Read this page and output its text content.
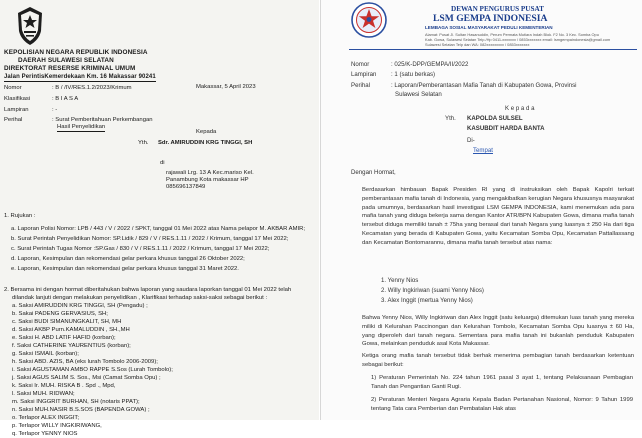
KEPOLISIAN NEGARA REPUBLIK INDONESIA
DAERAH SULAWESI SELATAN
DIREKTORAT RESERSE KRIMINAL UMUM
Jalan PerintisKemerdekaan Km. 16 Makassar 90241
Makassar, 5 April 2023
Nomor	: B / /IV/RES.1.2/2023/Krimum
Klasifikasi	: B I A S A
Lampiran	: -
Perihal	: Surat Pemberitahuan Perkembangan
Hasil Penyelidikan
Kepada
Yth. Sdr. AMIRUDDIN KRG TINGGI, SH
di
rajawali Lrg. 13 A Kec.mariso Kel.
Panambung Kota makassar HP
085696137849
1. Rujukan :
a. Laporan Polisi Nomor: LPB / 443 / V / 2022 / SPKT, tanggal 01 Mei 2022 atas Nama pelapor M. AKBAR AMIR;
b. Surat Perintah Penyelidikan Nomor: SP.Lidik / 829 / V / RES.1.11 / 2022 / Krimum, tanggal 17 Mei 2022;
c. Surat Perintah Tugas Nomor :SP.Gas / 830 / V / RES.1.11 / 2022 / Krimum, tanggal 17 Mei 2022;
d. Laporan, Kesimpulan dan rekomendasi gelar perkara khusus tanggal 26 Oktober 2022;
e. Laporan, Kesimpulan dan rekomendasi gelar perkara khusus tanggal 31 Maret 2022.
2. Bersama ini dengan hormat diberitahukan bahwa laporan yang saudara laporkan tanggal 01 Mei 2022 telah
dilandak lanjuti dengan melakukan penyelidikan , Klarifikasi terhadap saksi-saksi sebagai berikut :
a. Saksi AMIRUDDIN KRG TINGGI, SH (Pengadu) ;
b. Sakai PADENG GERVASIUS, SH;
c. Saksi BUDI SIMANUNGKALIT, SH, MH
d. Saksi AKBP Purn.KAMALUDDIN , SH.,MH
e. Saksi H. ABD LATIF HAFID (korban);
f. Saksi CATHERINE YAURENTIUS (korban);
g. Saksi ISMAIL (korban);
h. Saksi ABD. AZIS, BA (eks lurah Tombolo 2006-2009);
i. Saksi AGUSTAMAN AMBO RAPPE S.Sos (Lurah Tombolo);
j. Saksi AGUS SALIM S. Sos., Msi (Camat Somba Opu) ;
k. Saksi Ir. MUH. RISKA B . Spd ., Mpd,
l. Saksi MUH. RIDWAN;
m. Saksi INGGRIT BURHAN, SH (notaris PPAT);
n. Saksi MUH.NASIR B.S.SOS (BAPENDA GOWA) ;
o. Terlapor ALEX INGGIT;
p. Terlapor WILLY INGKIRIWANG,
q. Terlapor YENNY NIOS
DEWAN PENGURUS PUSAT
LSM GEMPA INDONESIA
LEMBAGA SOSIAL MASYARAKAT PEDULI KEMENTERIAN
Alamat: Pusat Jl. Sultan Hasanuddin, Perum Permata Mutiara Indah Blok. F2 No. 3 Kec. Somba Opu
Kab. Gowa, Sulawesi Selatan Telp./Hp 0411-xxxxxxx / 0853xxxxxxx email: lsmgempaindonesia@gmail.com
Sulawesi Selatan Telp dan WA: 082xxxxxxxxx / 0853xxxxxxx
Nomor	: 025/K-DPP/GEMPA/II/2022
Lampiran : 1 (satu berkas)
Perihal	: Laporan/Pemberantasan Mafia Tanah di Kabupaten Gowa, Provinsi
Sulawesi Selatan
K e p a d a
Yth. KAPOLDA SULSEL
KASUBDIT HARDA BANTA
Di-
Tempat
Dengan Hormat,
Berdasarkan himbauan Bapak Presiden RI yang di instruksikan oleh Bapak Kapolri terkait pemberantasan mafia tanah di Indonesia, yang mengakibatkan kerugian Negara khususnya masyarakat pada umumnya, berdasarkan hasil investigasi LSM GEMPA INDONESIA, kami menemukan ada para mafia tanah yang diduga bekerja sama dengan Kantor ATR/BPN Kabupaten Gowa, dimana mafia tanah tersebut diduga memiliki tanah ± 75ha yang berasal dari tanah Negara yang luasnya ± 250 Ha dari tiga Kecamatan yang berada di Kabupaten Gowa, yaitu Kecamatan Somba Opu, Kecamatan Pattallassang dan Kecamatan Bontomarannu, dimana mafia tanah tersebut atas nama:
1. Yenny Nios
2. Willy Ingkiriwan (suami Yenny Nios)
3. Alex Inggit (mertua Yenny Nios)
Bahwa Yenny Nios, Willy Ingkiriwan dan Alex Inggit (satu keluarga) ditemukan luas tanah yang mereka miliki di Kelurahan Paccinongan dan Kelurahan Tombolo, Kecamatan Somba Opu luasnya ± 60 Ha, yang diperoleh dari tanah negara. Sementara para mafia tanah ini bukanlah penduduk Kabupaten Gowa, melainkan penduduk asal Kota Makassar.
Ketiga orang mafia tanah tersebut tidak berhak menerima pembagian tanah berdasarkan ketentuan sebagai berikut:
1) Peraturan Pemerintah No. 224 tahun 1961 pasal 3 ayat 1, tentang Pelaksanaan Pembagian Tanah dan Pengantian Ganti Rugi.
2) Peraturan Menteri Negara Agraria Kepala Badan Pertanahan Nasional, Nomor: 9 Tahun 1999 tentang Tata cara Pemberian dan Pembatalan Hak atas
